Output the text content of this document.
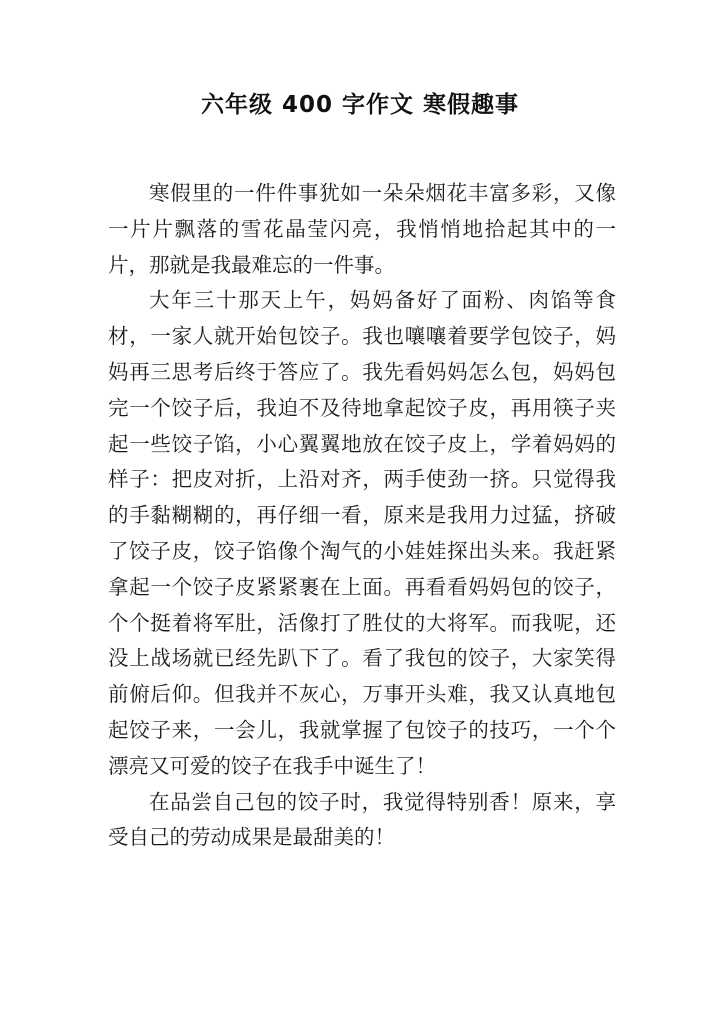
六年级 400 字作文 寒假趣事

寒假里的一件件事犹如一朵朵烟花丰富多彩，又像一片片飘落的雪花晶莹闪亮，我悄悄地拾起其中的一片，那就是我最难忘的一件事。

大年三十那天上午，妈妈备好了面粉、肉馅等食材，一家人就开始包饺子。我也嚷嚷着要学包饺子，妈妈再三思考后终于答应了。我先看妈妈怎么包，妈妈包完一个饺子后，我迫不及待地拿起饺子皮，再用筷子夹起一些饺子馅，小心翼翼地放在饺子皮上，学着妈妈的样子：把皮对折，上沿对齐，两手使劲一挤。只觉得我的手黏糊糊的，再仔细一看，原来是我用力过猛，挤破了饺子皮，饺子馅像个淘气的小娃娃探出头来。我赶紧拿起一个饺子皮紧紧裹在上面。再看看妈妈包的饺子，个个挺着将军肚，活像打了胜仗的大将军。而我呢，还没上战场就已经先趴下了。看了我包的饺子，大家笑得前俯后仰。但我并不灰心，万事开头难，我又认真地包起饺子来，一会儿，我就掌握了包饺子的技巧，一个个漂亮又可爱的饺子在我手中诞生了！

在品尝自己包的饺子时，我觉得特别香！原来，享受自己的劳动成果是最甜美的！
